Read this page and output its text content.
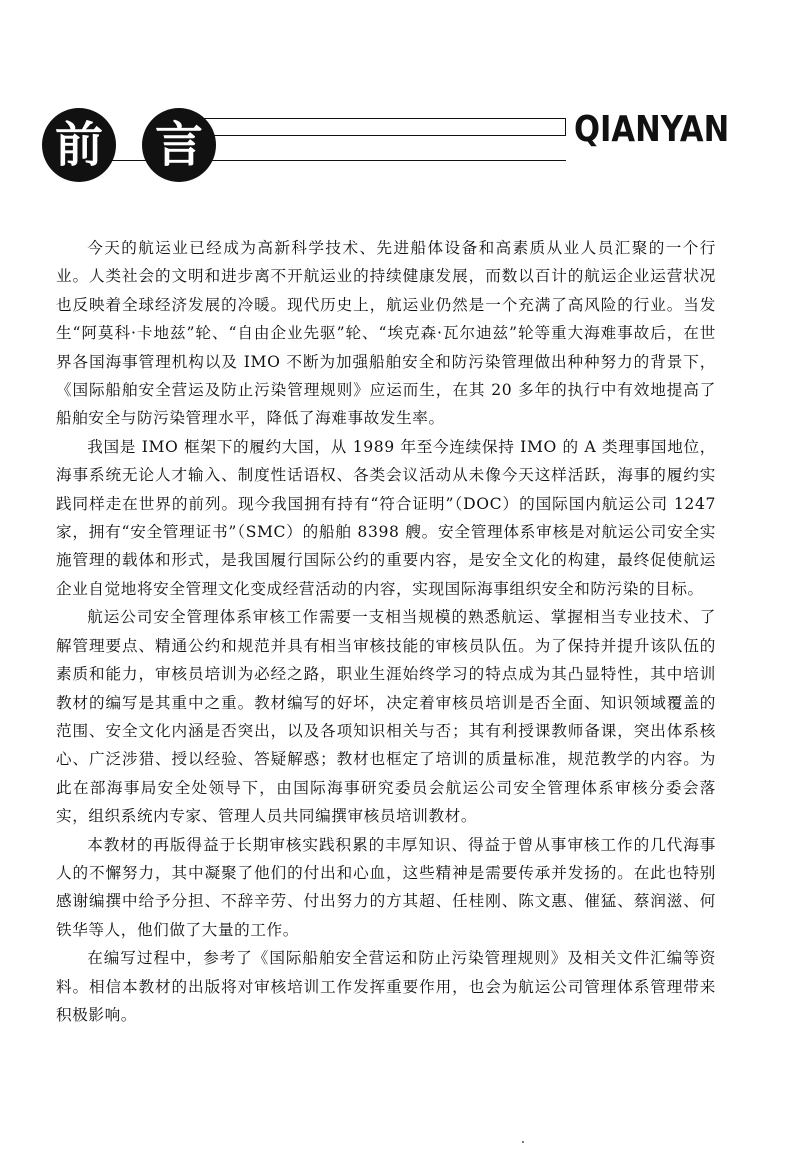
前 言	QIANYAN

今天的航运业已经成为高新科学技术、先进船体设备和高素质从业人员汇聚的一个行业。人类社会的文明和进步离不开航运业的持续健康发展，而数以百计的航运企业运营状况也反映着全球经济发展的冷暖。现代历史上，航运业仍然是一个充满了高风险的行业。当发生“阿莫科·卡地兹”轮、“自由企业先驱”轮、“埃克森·瓦尔迪兹”轮等重大海难事故后，在世界各国海事管理机构以及 IMO 不断为加强船舶安全和防污染管理做出种种努力的背景下，《国际船舶安全营运及防止污染管理规则》应运而生，在其 20 多年的执行中有效地提高了船舶安全与防污染管理水平，降低了海难事故发生率。

我国是 IMO 框架下的履约大国，从 1989 年至今连续保持 IMO 的 A 类理事国地位，海事系统无论人才输入、制度性话语权、各类会议活动从未像今天这样活跃，海事的履约实践同样走在世界的前列。现今我国拥有持有“符合证明”（DOC）的国际国内航运公司 1247 家，拥有“安全管理证书”（SMC）的船舶 8398 艘。安全管理体系审核是对航运公司安全实施管理的载体和形式，是我国履行国际公约的重要内容，是安全文化的构建，最终促使航运企业自觉地将安全管理文化变成经营活动的内容，实现国际海事组织安全和防污染的目标。

航运公司安全管理体系审核工作需要一支相当规模的熟悉航运、掌握相当专业技术、了解管理要点、精通公约和规范并具有相当审核技能的审核员队伍。为了保持并提升该队伍的素质和能力，审核员培训为必经之路，职业生涯始终学习的特点成为其凸显特性，其中培训教材的编写是其重中之重。教材编写的好坏，决定着审核员培训是否全面、知识领域覆盖的范围、安全文化内涵是否突出，以及各项知识相关与否；其有利授课教师备课，突出体系核心、广泛涉猎、授以经验、答疑解惑；教材也框定了培训的质量标准，规范教学的内容。为此在部海事局安全处领导下，由国际海事研究委员会航运公司安全管理体系审核分委会落实，组织系统内专家、管理人员共同编撰审核员培训教材。

本教材的再版得益于长期审核实践积累的丰厚知识、得益于曾从事审核工作的几代海事人的不懈努力，其中凝聚了他们的付出和心血，这些精神是需要传承并发扬的。在此也特别感谢编撰中给予分担、不辞辛劳、付出努力的方其超、任桂刚、陈文惠、催猛、蔡润滋、何铁华等人，他们做了大量的工作。

在编写过程中，参考了《国际船舶安全营运和防止污染管理规则》及相关文件汇编等资料。相信本教材的出版将对审核培训工作发挥重要作用，也会为航运公司管理体系管理带来积极影响。
